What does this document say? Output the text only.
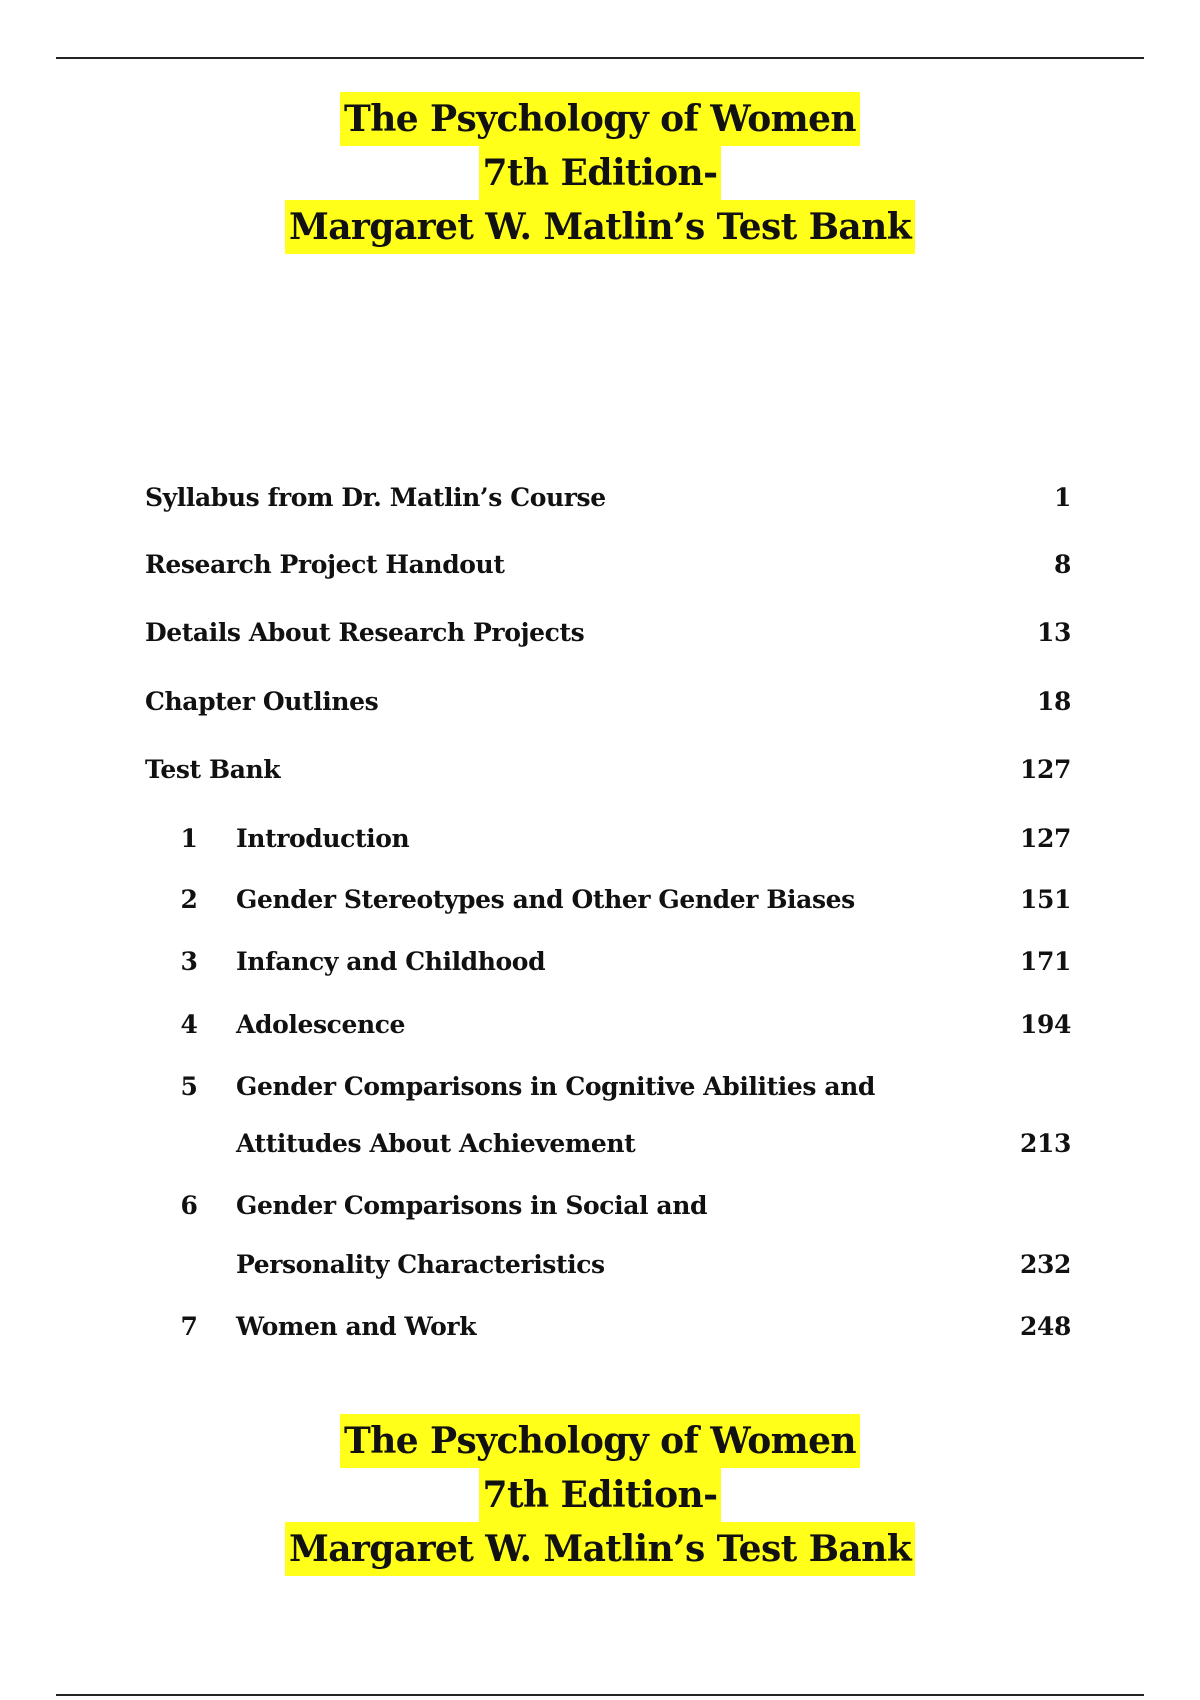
The Psychology of Women
7th Edition-
Margaret W. Matlin’s Test Bank
Syllabus from Dr. Matlin’s Course	1
Research Project Handout	8
Details About Research Projects	13
Chapter Outlines	18
Test Bank	127
1 Introduction	127
2 Gender Stereotypes and Other Gender Biases	151
3 Infancy and Childhood	171
4 Adolescence	194
5 Gender Comparisons in Cognitive Abilities and
Attitudes About Achievement	213
6 Gender Comparisons in Social and
Personality Characteristics	232
7 Women and Work	248
The Psychology of Women
7th Edition-
Margaret W. Matlin’s Test Bank
